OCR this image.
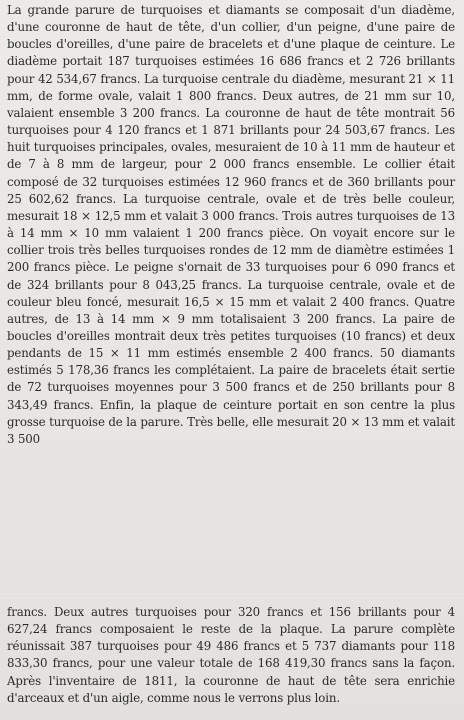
La grande parure de turquoises et diamants se composait d'un diadème, d'une couronne de haut de tête, d'un collier, d'un peigne, d'une paire de boucles d'oreilles, d'une paire de bracelets et d'une plaque de ceinture. Le diadème portait 187 turquoises estimées 16 686 francs et 2 726 brillants pour 42 534,67 francs. La turquoise centrale du diadème, mesurant 21 × 11 mm, de forme ovale, valait 1 800 francs. Deux autres, de 21 mm sur 10, valaient ensemble 3 200 francs. La couronne de haut de tête montrait 56 turquoises pour 4 120 francs et 1 871 brillants pour 24 503,67 francs. Les huit turquoises principales, ovales, mesuraient de 10 à 11 mm de hauteur et de 7 à 8 mm de largeur, pour 2 000 francs ensemble. Le collier était composé de 32 turquoises estimées 12 960 francs et de 360 brillants pour 25 602,62 francs. La turquoise centrale, ovale et de très belle couleur, mesurait 18 × 12,5 mm et valait 3 000 francs. Trois autres turquoises de 13 à 14 mm × 10 mm valaient 1 200 francs pièce. On voyait encore sur le collier trois très belles turquoises rondes de 12 mm de diamètre estimées 1 200 francs pièce. Le peigne s'ornait de 33 turquoises pour 6 090 francs et de 324 brillants pour 8 043,25 francs. La turquoise centrale, ovale et de couleur bleu foncé, mesurait 16,5 × 15 mm et valait 2 400 francs. Quatre autres, de 13 à 14 mm × 9 mm totalisaient 3 200 francs. La paire de boucles d'oreilles montrait deux très petites turquoises (10 francs) et deux pendants de 15 × 11 mm estimés ensemble 2 400 francs. 50 diamants estimés 5 178,36 francs les complétaient. La paire de bracelets était sertie de 72 turquoises moyennes pour 3 500 francs et de 250 brillants pour 8 343,49 francs. Enfin, la plaque de ceinture portait en son centre la plus grosse turquoise de la parure. Très belle, elle mesurait 20 × 13 mm et valait 3 500

francs. Deux autres turquoises pour 320 francs et 156 brillants pour 4 627,24 francs composaient le reste de la plaque. La parure complète réunissait 387 turquoises pour 49 486 francs et 5 737 diamants pour 118 833,30 francs, pour une valeur totale de 168 419,30 francs sans la façon. Après l'inventaire de 1811, la couronne de haut de tête sera enrichie d'arceaux et d'un aigle, comme nous le verrons plus loin.
